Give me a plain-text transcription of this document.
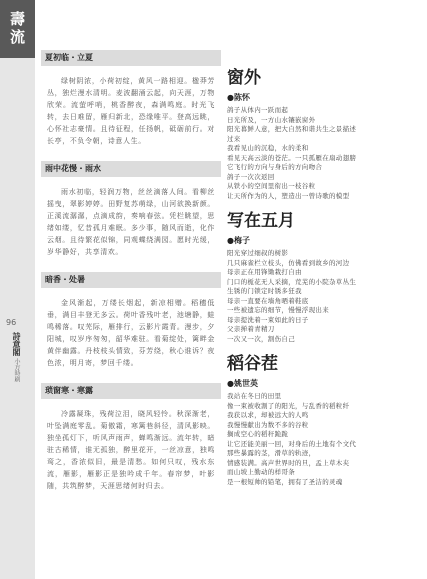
壽
流
96
詩意閣
小方時刷
夏初临・立夏
绿树阴浓，小荷初绽，黄风一路相迎。楹莽芳丛，独烂漫水清明。麦波翻涌云起，向天涯，万物欣荣。流萤呼哨，桃香醉夜，森满鸣庭。时光飞转，去日难留，雁归新北，恐缘唯平。登高远眺，心怀社志豪情。且待征程，任扬帆，砥砺前行。对长亭，不负令朝，诗意人生。
雨中花慢・雨水
雨水初临，轻润万物，丝丝滴落人间。看柳丝摇曳，翠影婷婷。田野复苏萌绿，山河欲换新颜。正溪流潺潺，点滴成韵，奏响春弦。凭栏眺望，思绪如缕，忆昔孤月难眠。多少事，随风而逝，化作云烟。且待繁花似锦，同观蝶绕满园。愿时光缓，岁华静好，共享清欢。
暗香・处暑
金风渐起，万缕长烟起，新凉相赠。稻穗低垂，满目丰登无多云。荷叶香残叶老，池塘静，蛙鸣稀落。叹芜际，雁排行，云影片霞青。漫步，夕阳城，叹岁序匆匆，韶华难驻。看菊绽处，篱畔金黄伴幽露。丹枝枝头情致，芬芳绕，秋心谁诉？夜色浓，明月寄，梦回千缕。
琐窗寒・寒露
冷露凝珠，残荷泣泪，晓风轻怜。秋深渐老，叶坠满庭零乱。菊傲霜，寒篱巷斜径，清风影映。独坐孤灯下，听风声雨声，蝉鸣渐远。流年转，暗驻古稀情，谁无孤独，醉里花开，一丝凉意，独鸣鸾之，香浓似旧，最是清愁。如何只叹，残水东流，雁影，雁影正是独吟成千年。春帘梦，叶影随，共筑醉梦，天涯思绪何时归去。
窗外
●陈怀
鸽子从体内一跃而起
日光所及，一方山水镶嵌窗外
阳光暮鲜人意，把大自然和谐共生之景描述
过来
我看见山的沉稳，水的柔和
看见天高云淡的苍茫。一只孤雁在扇动翅膀
它飞行的方向与身后的方向吻合
鸽子一次次返回
从铁小的空间里衔出一枝谷粒
让天所作为的人，塑造出一曾诗歌的模型
写在五月
●梅子
阳光穿过细叔的树影
几只麻雀栏立枝头，仿佛看到故乡的河边
母亲正在用锋锄栽打自由
门口的栀花无人采摘，荒芜的小院杂草丛生
生锈的门锁定时锈多狂我
母亲一直要在墙角晒着鞋底
一些被遗忘的细节，慢慢浮现出来
母亲提洗着一束如此的日子
父亲掸着青精刀
一次又一次，割伤自己
稻谷茬
●姚世英
我站在冬日的田里
像一束被收割了的阳光，与乱香的稻粒纤
我获以求，却被远大的人鸣
我慢慢献出为数不多的谷粒
搁成空心的稻秆跪跪
让它还能美丽一回，对身后的土地有个文代
那些暴露的茎，滑草的轨迹，
情感装满。高声世界时的旦，孟上草木夹
而山坡上勤动的样哥条
是一根短帅的铅笔，拥有了圣洁的灵魂
